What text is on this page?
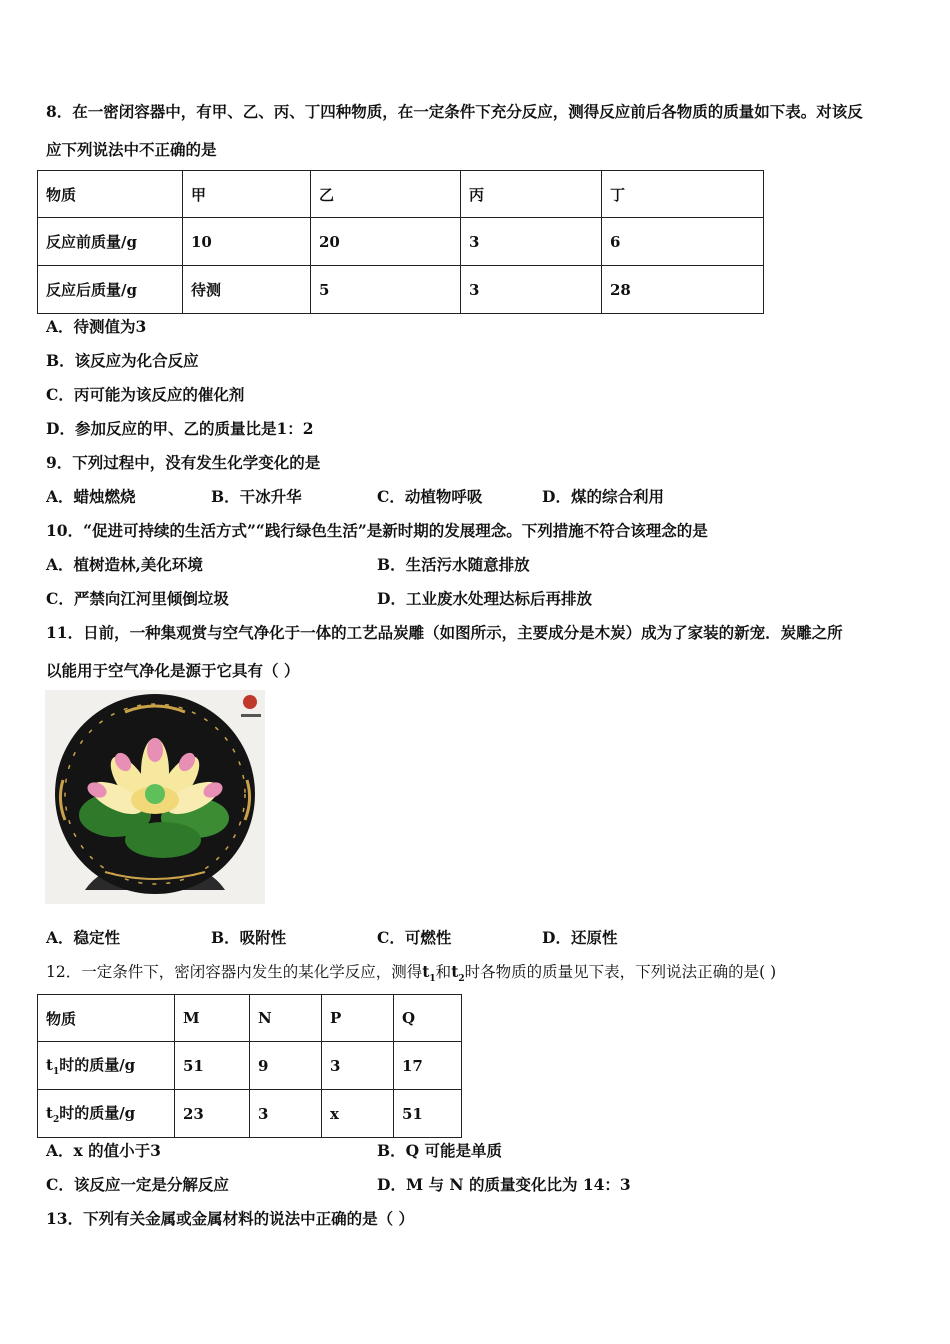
8．在一密闭容器中，有甲、乙、丙、丁四种物质，在一定条件下充分反应，测得反应前后各物质的质量如下表。对该反
应下列说法中不正确的是
物质	甲	乙	丙	丁
反应前质量/g	10	20	3	6
反应后质量/g	待测	5	3	28
A．待测值为3
B．该反应为化合反应
C．丙可能为该反应的催化剂
D．参加反应的甲、乙的质量比是1：2
9．下列过程中，没有发生化学变化的是
A．蜡烛燃烧	B．干冰升华	C．动植物呼吸	D．煤的综合利用
10．“促进可持续的生活方式”“践行绿色生活”是新时期的发展理念。下列措施不符合该理念的是
A．植树造林,美化环境	B．生活污水随意排放
C．严禁向江河里倾倒垃圾	D．工业废水处理达标后再排放
11．日前，一种集观赏与空气净化于一体的工艺品炭雕（如图所示，主要成分是木炭）成为了家装的新宠．炭雕之所
以能用于空气净化是源于它具有（ ）
A．稳定性	B．吸附性	C．可燃性	D．还原性
12．一定条件下，密闭容器内发生的某化学反应，测得$t_1$和$t_2$时各物质的质量见下表，下列说法正确的是( )
物质	M	N	P	Q
$t_1$时的质量/g	51	9	3	17
$t_2$时的质量/g	23	3	x	51
A．x 的值小于3	B．Q 可能是单质
C．该反应一定是分解反应	D．M 与 N 的质量变化比为 14：3
13．下列有关金属或金属材料的说法中正确的是（ ）
